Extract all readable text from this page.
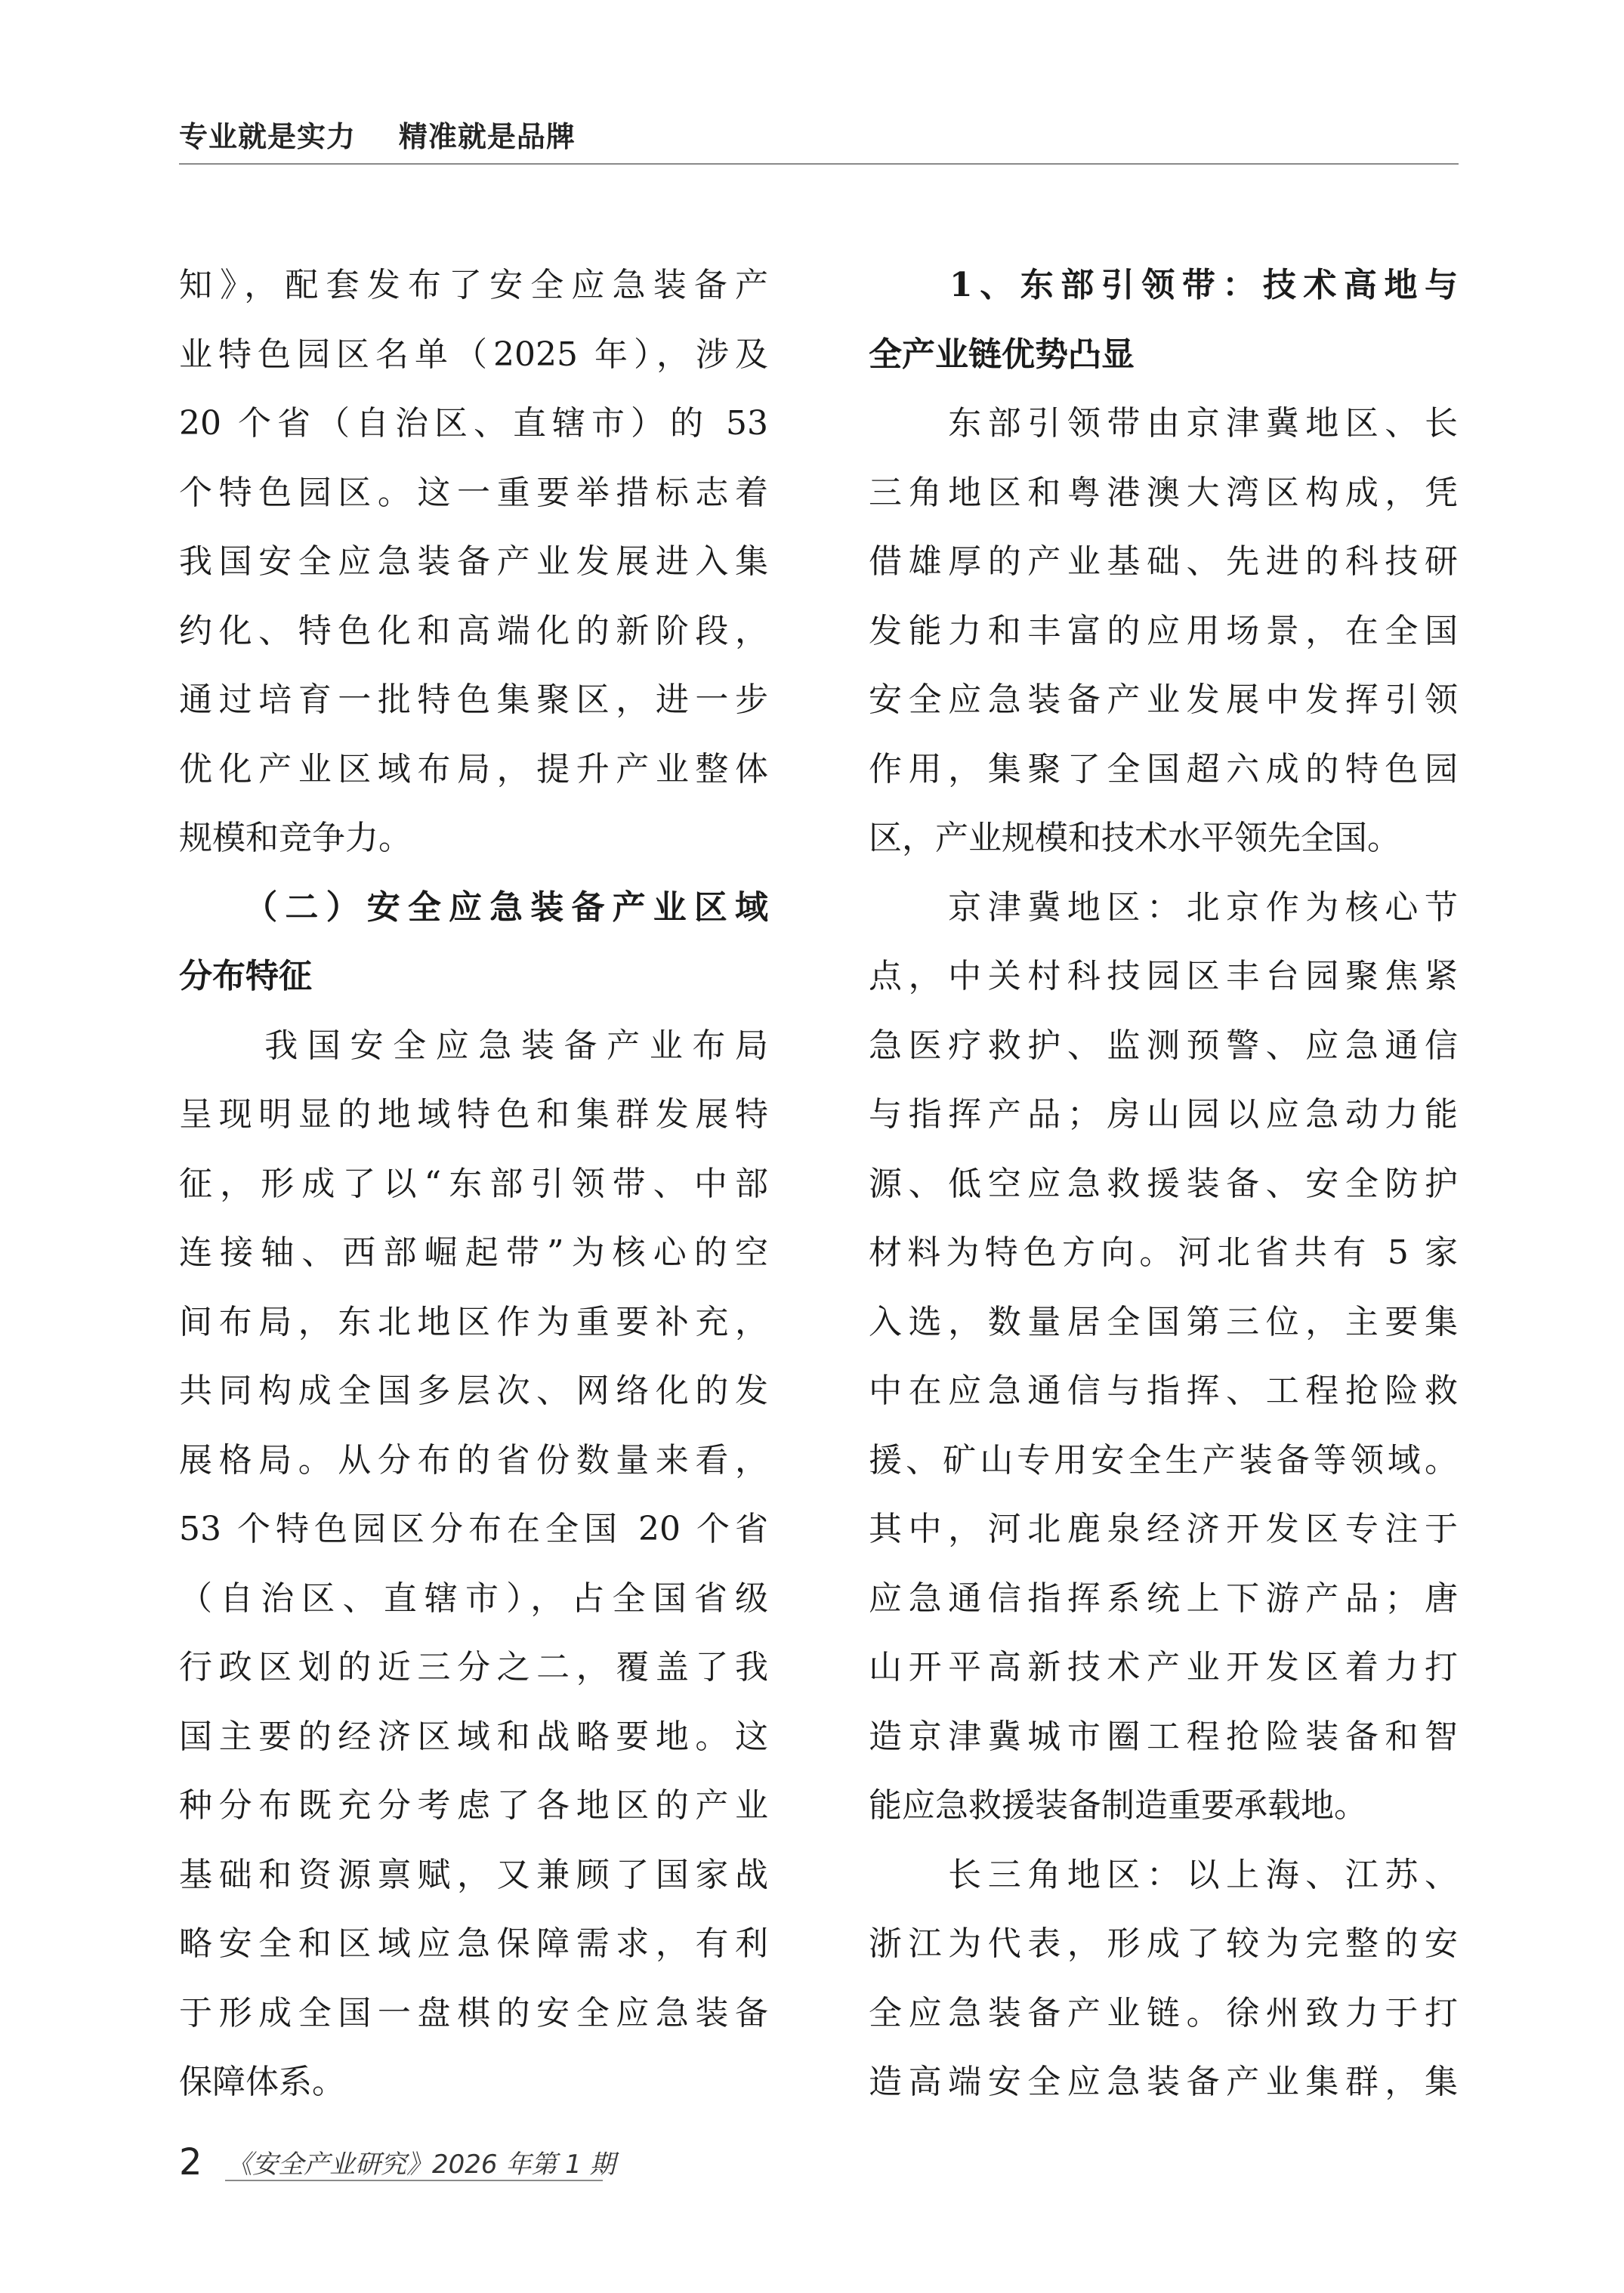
专业就是实力    精准就是品牌
知》，配套发布了安全应急装备产
业特色园区名单（2025 年），涉及
20 个省（自治区、直辖市）的 53
个特色园区。这一重要举措标志着
我国安全应急装备产业发展进入集
约化、特色化和高端化的新阶段，
通过培育一批特色集聚区，进一步
优化产业区域布局，提升产业整体
规模和竞争力。
　　（二）安全应急装备产业区域
分布特征
　　我国安全应急装备产业布局
呈现明显的地域特色和集群发展特
征，形成了以“东部引领带、中部
连接轴、西部崛起带”为核心的空
间布局，东北地区作为重要补充，
共同构成全国多层次、网络化的发
展格局。从分布的省份数量来看，
53 个特色园区分布在全国 20 个省
（自治区、直辖市），占全国省级
行政区划的近三分之二，覆盖了我
国主要的经济区域和战略要地。这
种分布既充分考虑了各地区的产业
基础和资源禀赋，又兼顾了国家战
略安全和区域应急保障需求，有利
于形成全国一盘棋的安全应急装备
保障体系。
　　1、东部引领带：技术高地与
全产业链优势凸显
　　东部引领带由京津冀地区、长
三角地区和粤港澳大湾区构成，凭
借雄厚的产业基础、先进的科技研
发能力和丰富的应用场景，在全国
安全应急装备产业发展中发挥引领
作用，集聚了全国超六成的特色园
区，产业规模和技术水平领先全国。
　　京津冀地区：北京作为核心节
点，中关村科技园区丰台园聚焦紧
急医疗救护、监测预警、应急通信
与指挥产品；房山园以应急动力能
源、低空应急救援装备、安全防护
材料为特色方向。河北省共有 5 家
入选，数量居全国第三位，主要集
中在应急通信与指挥、工程抢险救
援、矿山专用安全生产装备等领域。
其中，河北鹿泉经济开发区专注于
应急通信指挥系统上下游产品；唐
山开平高新技术产业开发区着力打
造京津冀城市圈工程抢险装备和智
能应急救援装备制造重要承载地。
　　长三角地区：以上海、江苏、
浙江为代表，形成了较为完整的安
全应急装备产业链。徐州致力于打
造高端安全应急装备产业集群，集
2 《安全产业研究》2026 年第 1 期
